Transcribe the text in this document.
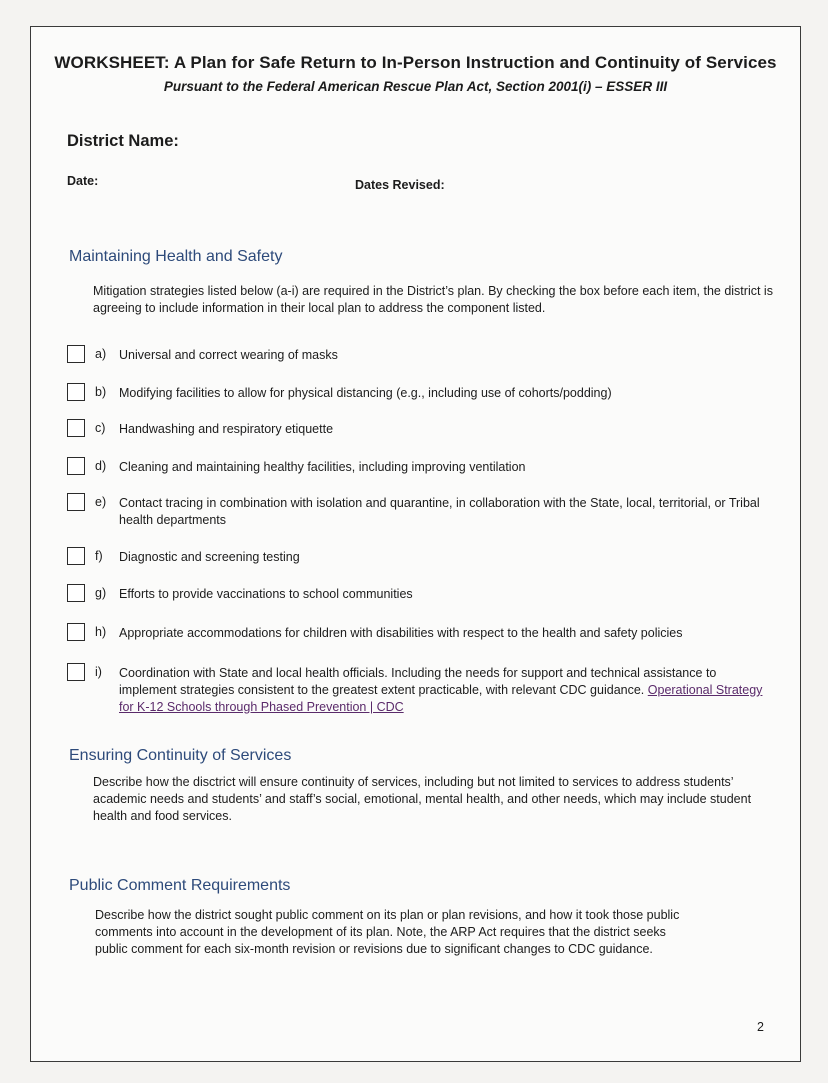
WORKSHEET: A Plan for Safe Return to In-Person Instruction and Continuity of Services
Pursuant to the Federal American Rescue Plan Act, Section 2001(i) – ESSER III
District Name:
Date:	Dates Revised:
Maintaining Health and Safety
Mitigation strategies listed below (a-i) are required in the District’s plan. By checking the box before each item, the district is agreeing to include information in their local plan to address the component listed.
a) Universal and correct wearing of masks
b) Modifying facilities to allow for physical distancing (e.g., including use of cohorts/podding)
c) Handwashing and respiratory etiquette
d) Cleaning and maintaining healthy facilities, including improving ventilation
e) Contact tracing in combination with isolation and quarantine, in collaboration with the State, local, territorial, or Tribal health departments
f) Diagnostic and screening testing
g) Efforts to provide vaccinations to school communities
h) Appropriate accommodations for children with disabilities with respect to the health and safety policies
i) Coordination with State and local health officials. Including the needs for support and technical assistance to implement strategies consistent to the greatest extent practicable, with relevant CDC guidance. Operational Strategy for K-12 Schools through Phased Prevention | CDC
Ensuring Continuity of Services
Describe how the disctrict will ensure continuity of services, including but not limited to services to address students’ academic needs and students’ and staff’s social, emotional, mental health, and other needs, which may include student health and food services.
Public Comment Requirements
Describe how the district sought public comment on its plan or plan revisions, and how it took those public comments into account in the development of its plan. Note, the ARP Act requires that the district seeks public comment for each six-month revision or revisions due to significant changes to CDC guidance.
2
